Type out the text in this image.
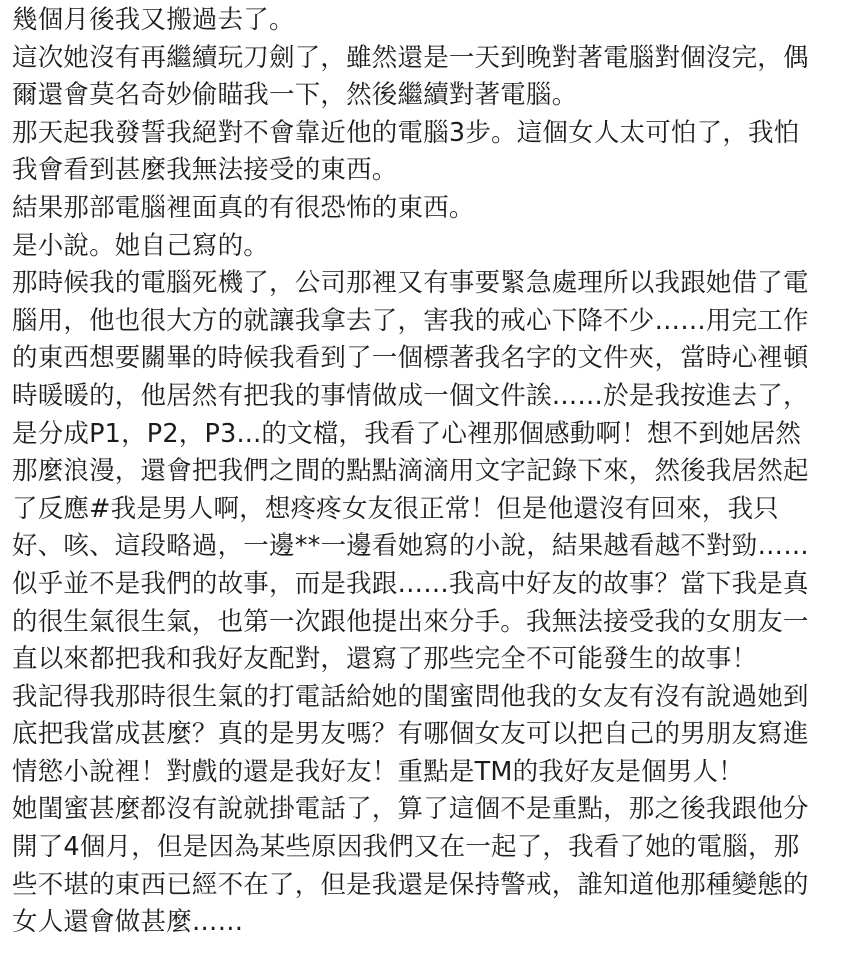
幾個月後我又搬過去了。
這次她沒有再繼續玩刀劍了，雖然還是一天到晚對著電腦對個沒完，偶
爾還會莫名奇妙偷瞄我一下，然後繼續對著電腦。
那天起我發誓我絕對不會靠近他的電腦3步。這個女人太可怕了，我怕
我會看到甚麼我無法接受的東西。
結果那部電腦裡面真的有很恐怖的東西。
是小說。她自己寫的。
那時候我的電腦死機了，公司那裡又有事要緊急處理所以我跟她借了電
腦用，他也很大方的就讓我拿去了，害我的戒心下降不少……用完工作
的東西想要關畢的時候我看到了一個標著我名字的文件夾，當時心裡頓
時暖暖的，他居然有把我的事情做成一個文件誒……於是我按進去了，
是分成P1，P2，P3...的文檔，我看了心裡那個感動啊！想不到她居然
那麼浪漫，還會把我們之間的點點滴滴用文字記錄下來，然後我居然起
了反應#我是男人啊，想疼疼女友很正常！但是他還沒有回來，我只
好、咳、這段略過，一邊**一邊看她寫的小說，結果越看越不對勁……
似乎並不是我們的故事，而是我跟……我高中好友的故事？當下我是真
的很生氣很生氣，也第一次跟他提出來分手。我無法接受我的女朋友一
直以來都把我和我好友配對，還寫了那些完全不可能發生的故事！
我記得我那時很生氣的打電話給她的閨蜜問他我的女友有沒有說過她到
底把我當成甚麼？真的是男友嗎？有哪個女友可以把自己的男朋友寫進
情慾小說裡！對戲的還是我好友！重點是TM的我好友是個男人！
她閨蜜甚麼都沒有說就掛電話了，算了這個不是重點，那之後我跟他分
開了4個月，但是因為某些原因我們又在一起了，我看了她的電腦，那
些不堪的東西已經不在了，但是我還是保持警戒，誰知道他那種變態的
女人還會做甚麼……
